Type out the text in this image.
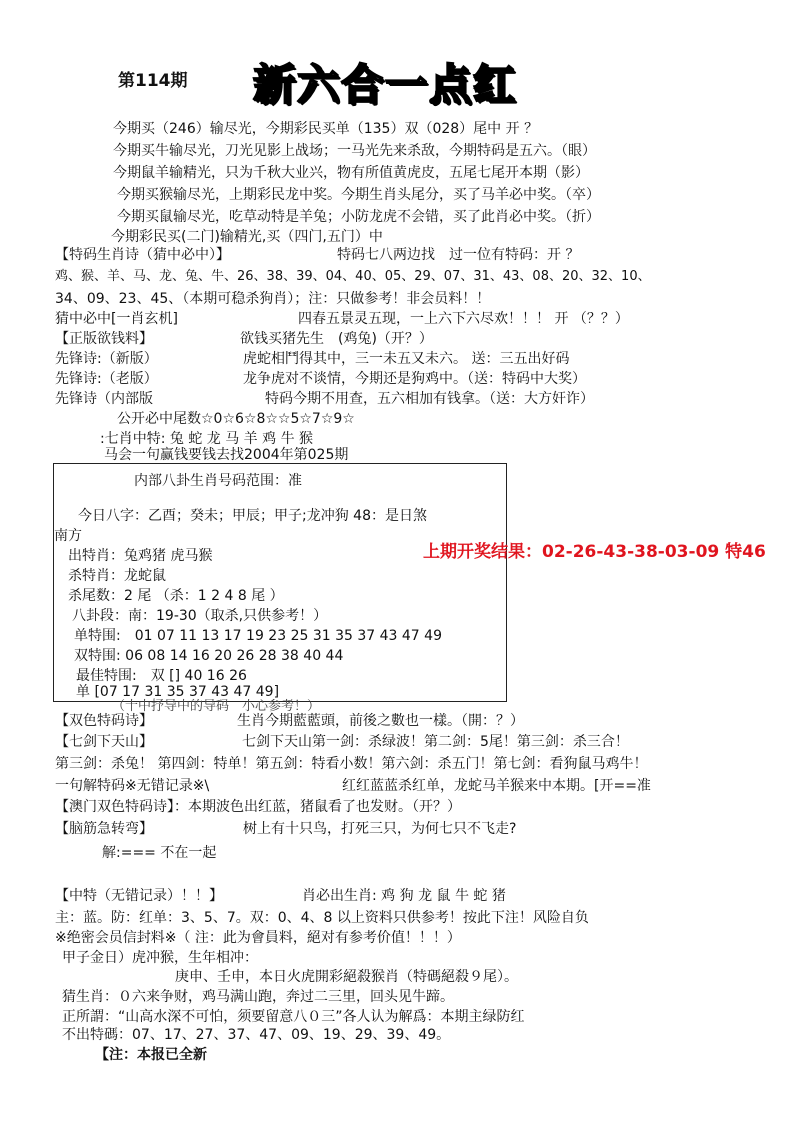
第114期 新六合一点红
今期买（246）输尽光，今期彩民买单（135）双（028）尾中 开 ？
今期买牛输尽光，刀光见影上战场；一马光先来杀敌，今期特码是五六。（眼）
今期鼠羊输精光，只为千秋大业兴，物有所值黄虎皮，五尾七尾开本期（影）
今期买猴输尽光，上期彩民龙中奖。今期生肖头尾分，买了马羊必中奖。（卒）
今期买鼠输尽光，吃草动特是羊兔；小防龙虎不会错，买了此肖必中奖。（折）
今期彩民买(二门)输精光,买（四门,五门）中
【特码生肖诗（猜中必中）】	特码七八两边找　过一位有特码：开 ？
鸡、猴、羊、马、龙、兔、牛、26、38、39、04、40、05、29、07、31、43、08、20、32、10、
34、09、23、45、（本期可稳杀狗肖）；注：只做参考！非会员料！！
猜中必中[一肖玄机]	四春五景灵五现，一上六下六尽欢！！！ 开 （？？）
【正版欲钱料】	欲钱买猪先生　(鸡兔)（开？）
先锋诗:（新版）	虎蛇相鬥得其中，三一未五又未六。 送：三五出好码
先锋诗:（老版）	龙争虎对不谈情，今期还是狗鸡中。（送：特码中大奖）
先锋诗（内部版	特码今期不用查，五六相加有钱拿。（送：大方奸诈）
公开必中尾数☆0☆6☆8☆☆5☆7☆9☆
:七肖中特: 兔 蛇 龙 马 羊 鸡 牛 猴
马会一句赢钱要钱去找2004年第025期
内部八卦生肖号码范围：准
今日八字：乙酉；癸未；甲辰；甲子;龙冲狗 48：是日煞
南方
出特肖：兔鸡猪 虎马猴
杀特肖：龙蛇鼠
杀尾数：2 尾 （杀：1 2 4 8 尾 ）
八卦段：南：19-30（取杀,只供参考！）
单特围:　01 07 11 13 17 19 23 25 31 35 37 43 47 49
双特围: 06 08 14 16 20 26 28 38 40 44
最佳特围:　双 [] 40 16 26
单 [07 17 31 35 37 43 47 49]
（十中抒导中的导码　小心参考！）
上期开奖结果：02-26-43-38-03-09 特46
【双色特码诗】	生肖今期藍藍頭，前後之數也一樣。（開：？）
【七剑下天山】	七剑下天山第一剑：杀绿波！第二剑：5尾！第三剑：杀三合！
第三剑：杀兔！ 第四剑：特单！第五剑：特看小数！第六剑：杀五门！第七剑：看狗鼠马鸡牛！
一句解特码※无错记录※\	红红蓝蓝杀红单，龙蛇马羊猴来中本期。[开==准
【澳门双色特码诗】：本期波色出红蓝，猪鼠看了也发财。（开？）
【脑筋急转弯】	树上有十只鸟，打死三只，为何七只不飞走?
解:=== 不在一起
【中特（无错记录）！！】	肖必出生肖: 鸡 狗 龙 鼠 牛 蛇 猪
主：蓝。防：红单：3、5、7。双：0、4、8 以上资料只供参考！按此下注！风险自负
※绝密会员信封料※（ 注：此为會員料，絕对有参考价值！！！）
甲子金日）虎冲猴，生年相冲：
庚申、壬申，本日火虎開彩絕殺猴肖（特碼絕殺９尾）。
猜生肖：０六来争财，鸡马满山跑，奔过二三里，回头见牛蹄。
正所謂：“山高水深不可怕，须要留意八０三”各人认为解爲：本期主绿防红
不出特碼：07、17、27、37、47、09、19、29、39、49。
【注：本报已全新
